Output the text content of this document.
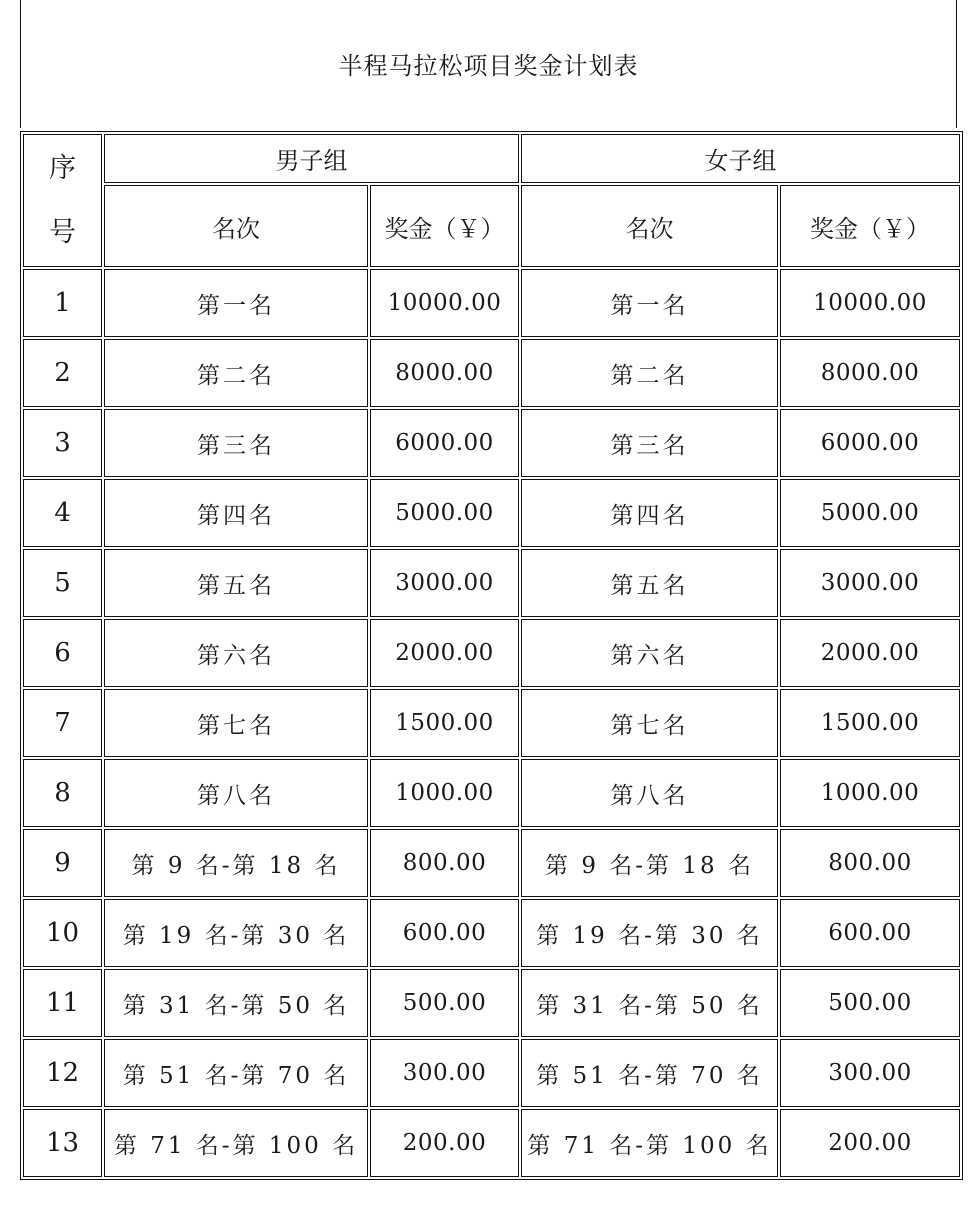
半程马拉松项目奖金计划表
序
号	男子组		女子组	
	名次	奖金（￥）	名次	奖金（￥）
1	第一名	10000.00	第一名	10000.00
2	第二名	8000.00	第二名	8000.00
3	第三名	6000.00	第三名	6000.00
4	第四名	5000.00	第四名	5000.00
5	第五名	3000.00	第五名	3000.00
6	第六名	2000.00	第六名	2000.00
7	第七名	1500.00	第七名	1500.00
8	第八名	1000.00	第八名	1000.00
9	第 9 名-第 18 名	800.00	第 9 名-第 18 名	800.00
10	第 19 名-第 30 名	600.00	第 19 名-第 30 名	600.00
11	第 31 名-第 50 名	500.00	第 31 名-第 50 名	500.00
12	第 51 名-第 70 名	300.00	第 51 名-第 70 名	300.00
13	第 71 名-第 100 名	200.00	第 71 名-第 100 名	200.00
